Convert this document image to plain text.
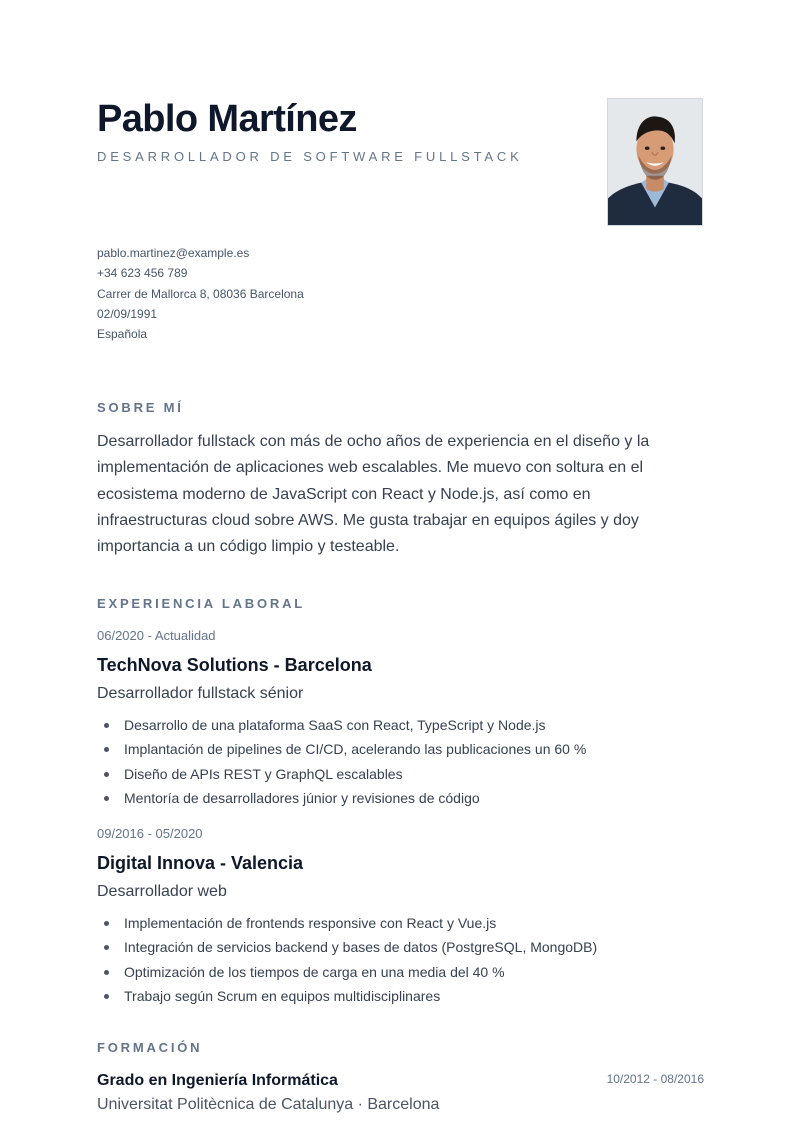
Pablo Martínez
DESARROLLADOR DE SOFTWARE FULLSTACK
pablo.martinez@example.es
+34 623 456 789
Carrer de Mallorca 8, 08036 Barcelona
02/09/1991
Española
SOBRE MÍ

Desarrollador fullstack con más de ocho años de experiencia en el diseño y la implementación de aplicaciones web escalables. Me muevo con soltura en el ecosistema moderno de JavaScript con React y Node.js, así como en infraestructuras cloud sobre AWS. Me gusta trabajar en equipos ágiles y doy importancia a un código limpio y testeable.

EXPERIENCIA LABORAL
06/2020 - Actualidad
TechNova Solutions - Barcelona
Desarrollador fullstack sénior
Desarrollo de una plataforma SaaS con React, TypeScript y Node.js
Implantación de pipelines de CI/CD, acelerando las publicaciones un 60 %
Diseño de APIs REST y GraphQL escalables
Mentoría de desarrolladores júnior y revisiones de código
09/2016 - 05/2020
Digital Innova - Valencia
Desarrollador web
Implementación de frontends responsive con React y Vue.js
Integración de servicios backend y bases de datos (PostgreSQL, MongoDB)
Optimización de los tiempos de carga en una media del 40 %
Trabajo según Scrum en equipos multidisciplinares
FORMACIÓN
Grado en Ingeniería Informática	10/2012 - 08/2016
Universitat Politècnica de Catalunya · Barcelona
